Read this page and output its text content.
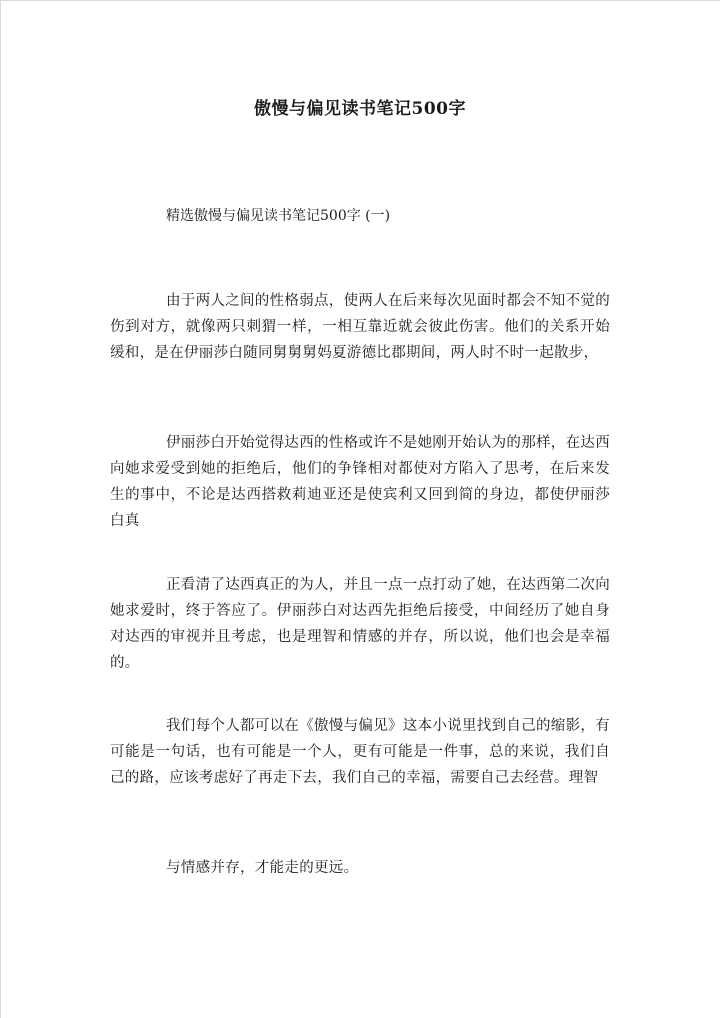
傲慢与偏见读书笔记500字

精选傲慢与偏见读书笔记500字 (一)

由于两人之间的性格弱点，使两人在后来每次见面时都会不知不觉的伤到对方，就像两只刺猬一样，一相互靠近就会彼此伤害。他们的关系开始缓和，是在伊丽莎白随同舅舅舅妈夏游德比郡期间，两人时不时一起散步，

伊丽莎白开始觉得达西的性格或许不是她刚开始认为的那样，在达西向她求爱受到她的拒绝后，他们的争锋相对都使对方陷入了思考，在后来发生的事中，不论是达西搭救莉迪亚还是使宾利又回到简的身边，都使伊丽莎白真

正看清了达西真正的为人，并且一点一点打动了她，在达西第二次向她求爱时，终于答应了。伊丽莎白对达西先拒绝后接受，中间经历了她自身对达西的审视并且考虑，也是理智和情感的并存，所以说，他们也会是幸福的。

我们每个人都可以在《傲慢与偏见》这本小说里找到自己的缩影，有可能是一句话，也有可能是一个人，更有可能是一件事，总的来说，我们自己的路，应该考虑好了再走下去，我们自己的幸福，需要自己去经营。理智

与情感并存，才能走的更远。
